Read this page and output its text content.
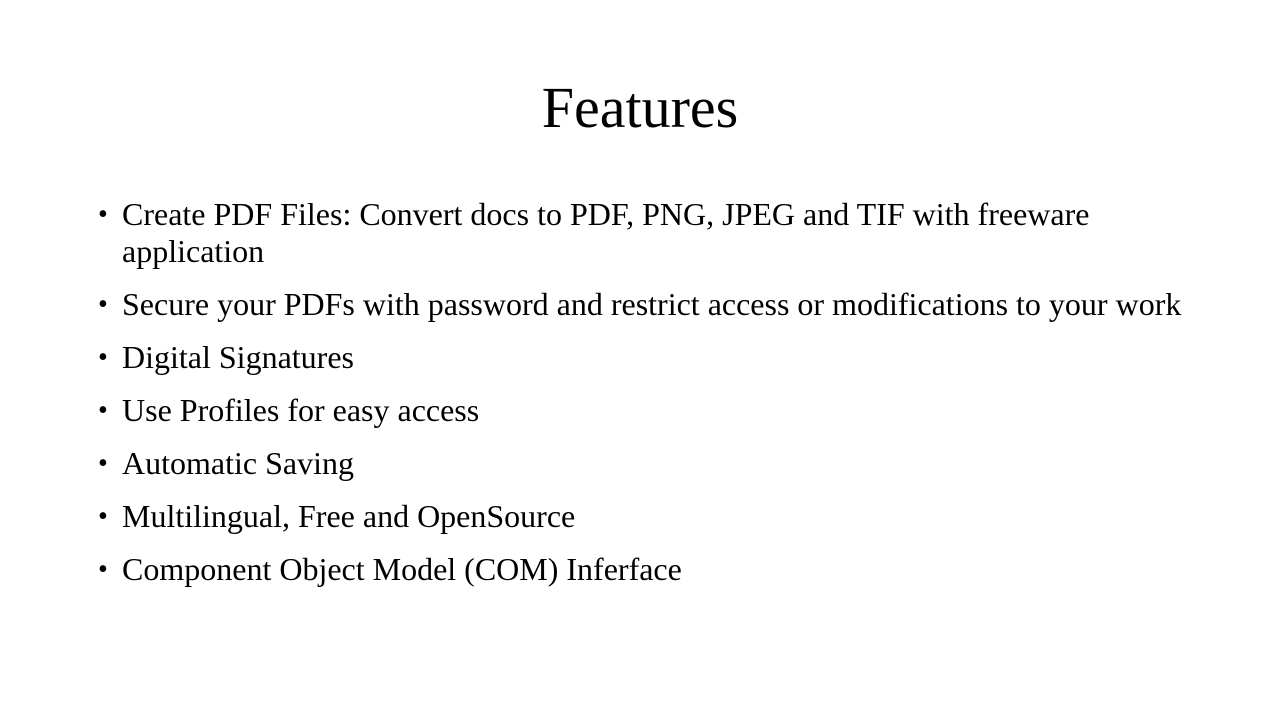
Features
• Create PDF Files: Convert docs to PDF, PNG, JPEG and TIF with freeware application
• Secure your PDFs with password and restrict access or modifications to your work
• Digital Signatures
• Use Profiles for easy access
• Automatic Saving
• Multilingual, Free and OpenSource
• Component Object Model (COM) Inferface
